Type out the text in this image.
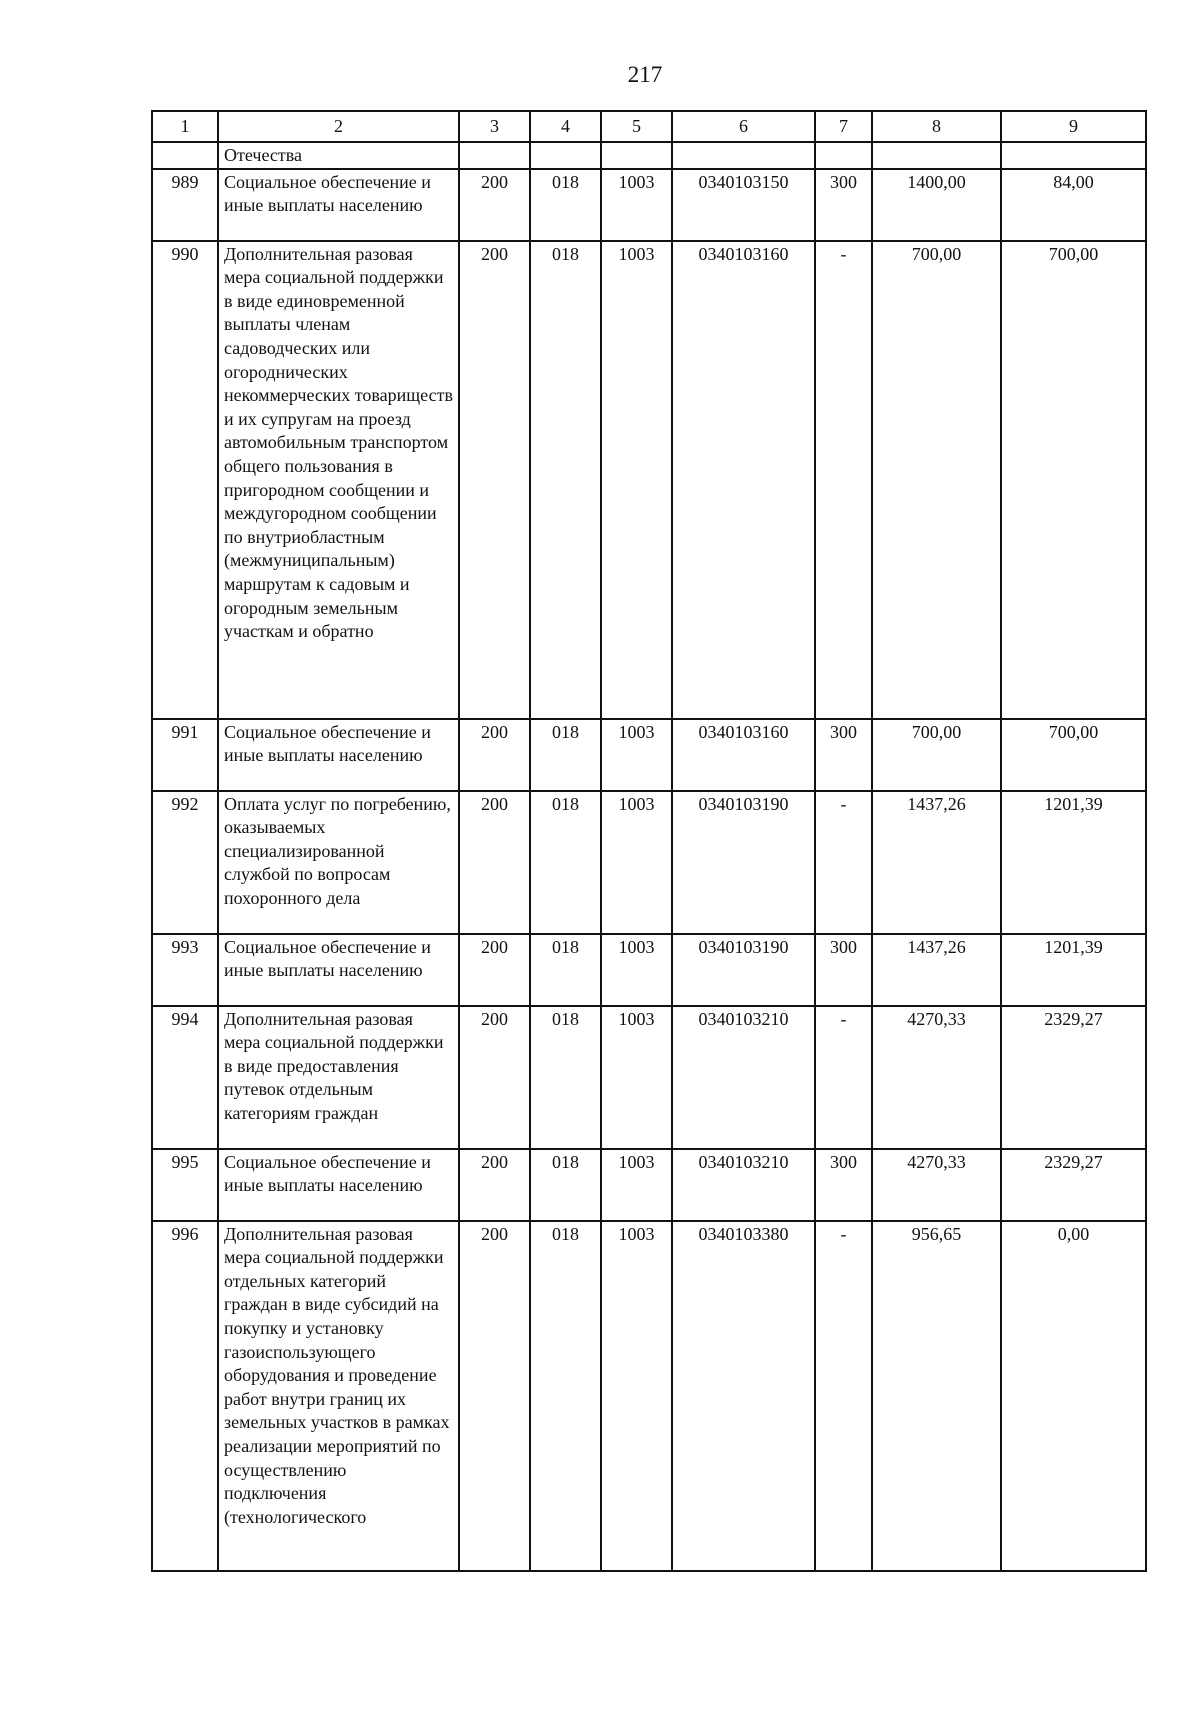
217
1	2	3	4	5	6	7	8	9
	Отечества							
989	Социальное обеспечение и иные выплаты населению	200	018	1003	0340103150	300	1400,00	84,00
990	Дополнительная разовая мера социальной поддержки в виде единовременной выплаты членам садоводческих или огороднических некоммерческих товариществ и их супругам на проезд автомобильным транспортом общего пользования в пригородном сообщении и междугородном сообщении по внутриобластным (межмуниципальным) маршрутам к садовым и огородным земельным участкам и обратно	200	018	1003	0340103160	-	700,00	700,00
991	Социальное обеспечение и иные выплаты населению	200	018	1003	0340103160	300	700,00	700,00
992	Оплата услуг по погребению, оказываемых специализированной службой по вопросам похоронного дела	200	018	1003	0340103190	-	1437,26	1201,39
993	Социальное обеспечение и иные выплаты населению	200	018	1003	0340103190	300	1437,26	1201,39
994	Дополнительная разовая мера социальной поддержки в виде предоставления путевок отдельным категориям граждан	200	018	1003	0340103210	-	4270,33	2329,27
995	Социальное обеспечение и иные выплаты населению	200	018	1003	0340103210	300	4270,33	2329,27
996	Дополнительная разовая мера социальной поддержки отдельных категорий граждан в виде субсидий на покупку и установку газоиспользующего оборудования и проведение работ внутри границ их земельных участков в рамках реализации мероприятий по осуществлению подключения (технологического	200	018	1003	0340103380	-	956,65	0,00
